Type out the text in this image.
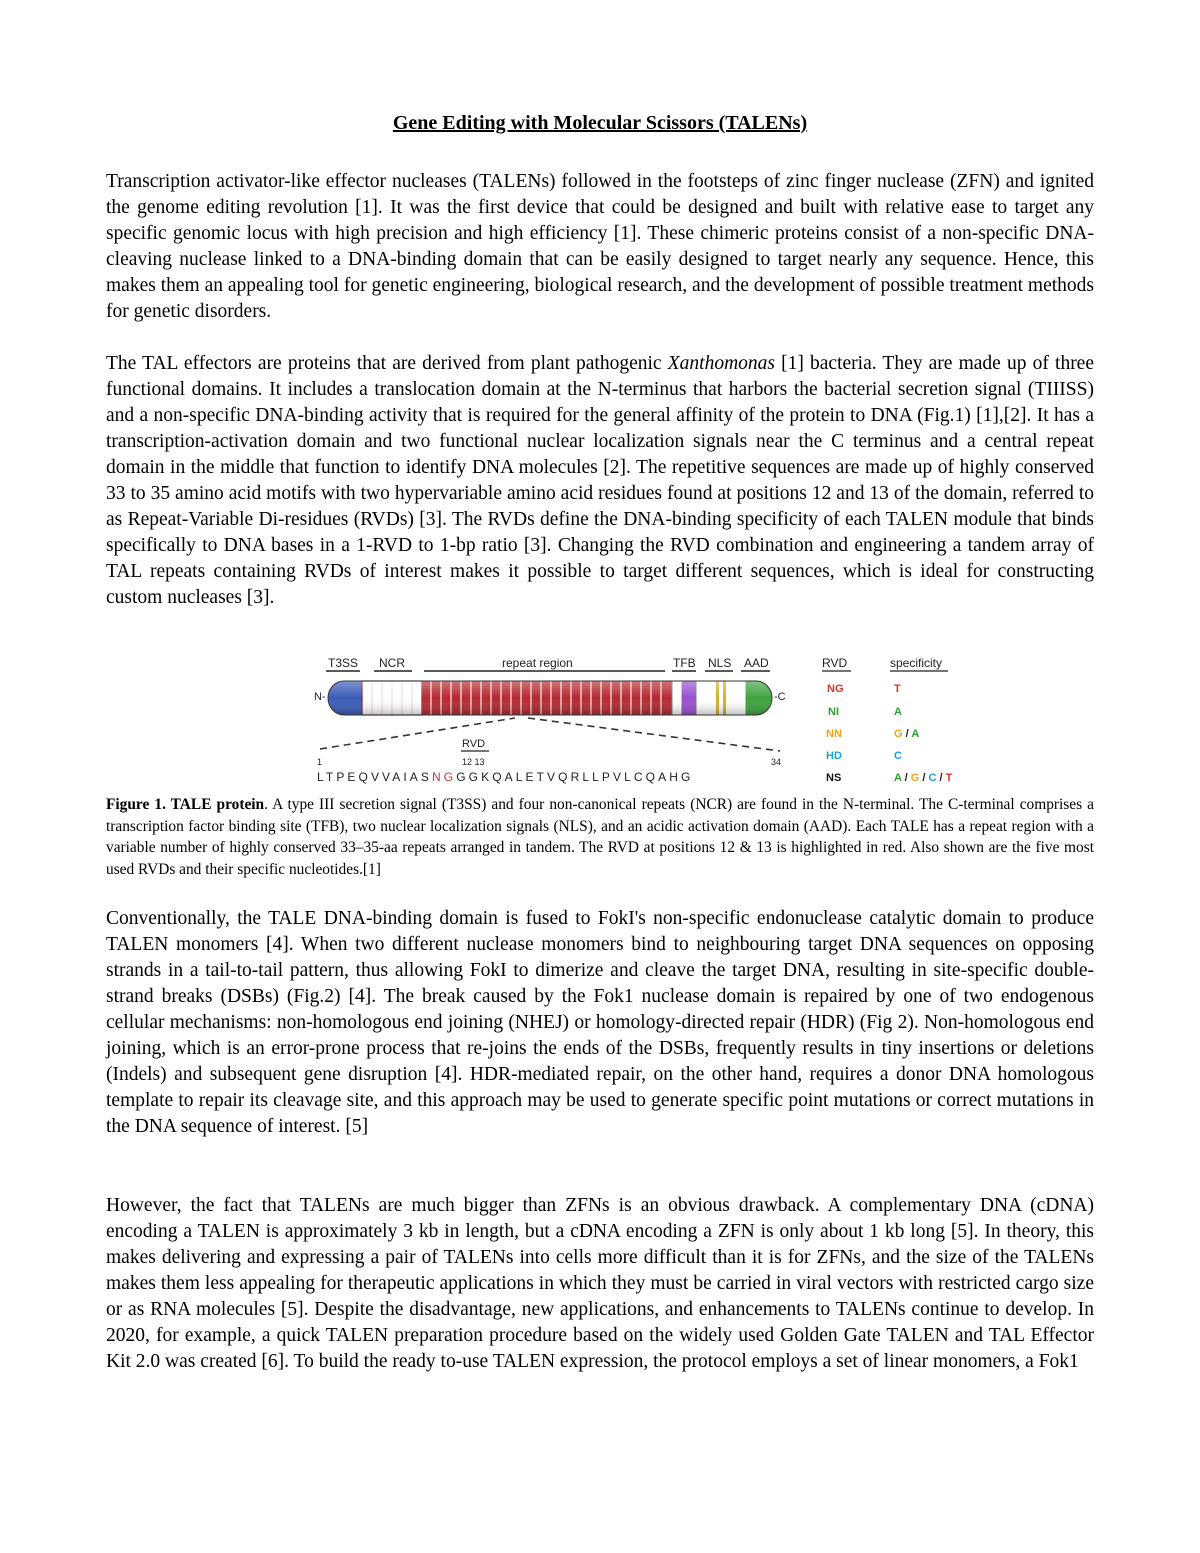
Gene Editing with Molecular Scissors (TALENs)

Transcription activator-like effector nucleases (TALENs) followed in the footsteps of zinc finger nuclease (ZFN) and ignited the genome editing revolution [1]. It was the first device that could be designed and built with relative ease to target any specific genomic locus with high precision and high efficiency [1]. These chimeric proteins consist of a non-specific DNA-cleaving nuclease linked to a DNA-binding domain that can be easily designed to target nearly any sequence. Hence, this makes them an appealing tool for genetic engineering, biological research, and the development of possible treatment methods for genetic disorders.

The TAL effectors are proteins that are derived from plant pathogenic Xanthomonas [1] bacteria. They are made up of three functional domains. It includes a translocation domain at the N-terminus that harbors the bacterial secretion signal (TIIISS) and a non-specific DNA-binding activity that is required for the general affinity of the protein to DNA (Fig.1) [1],[2]. It has a transcription-activation domain and two functional nuclear localization signals near the C terminus and a central repeat domain in the middle that function to identify DNA molecules [2]. The repetitive sequences are made up of highly conserved 33 to 35 amino acid motifs with two hypervariable amino acid residues found at positions 12 and 13 of the domain, referred to as Repeat-Variable Di-residues (RVDs) [3]. The RVDs define the DNA-binding specificity of each TALEN module that binds specifically to DNA bases in a 1-RVD to 1-bp ratio [3]. Changing the RVD combination and engineering a tandem array of TAL repeats containing RVDs of interest makes it possible to target different sequences, which is ideal for constructing custom nucleases [3].

T3SS NCR	repeat region	TFB NLS AAD
N-	-C
RVD
1	12 13	34
LTPEQVVAIASNGGGKQALETVQRLLPVLCQAHG
RVD	specificity
NG	T
NI	A
NN	G / A
HD	C
NS	A / G / C / T

Figure 1. TALE protein. A type III secretion signal (T3SS) and four non-canonical repeats (NCR) are found in the N-terminal. The C-terminal comprises a transcription factor binding site (TFB), two nuclear localization signals (NLS), and an acidic activation domain (AAD). Each TALE has a repeat region with a variable number of highly conserved 33–35-aa repeats arranged in tandem. The RVD at positions 12 & 13 is highlighted in red. Also shown are the five most used RVDs and their specific nucleotides.[1]

Conventionally, the TALE DNA-binding domain is fused to FokI's non-specific endonuclease catalytic domain to produce TALEN monomers [4]. When two different nuclease monomers bind to neighbouring target DNA sequences on opposing strands in a tail-to-tail pattern, thus allowing FokI to dimerize and cleave the target DNA, resulting in site-specific double-strand breaks (DSBs) (Fig.2) [4]. The break caused by the Fok1 nuclease domain is repaired by one of two endogenous cellular mechanisms: non-homologous end joining (NHEJ) or homology-directed repair (HDR) (Fig 2). Non-homologous end joining, which is an error-prone process that re-joins the ends of the DSBs, frequently results in tiny insertions or deletions (Indels) and subsequent gene disruption [4]. HDR-mediated repair, on the other hand, requires a donor DNA homologous template to repair its cleavage site, and this approach may be used to generate specific point mutations or correct mutations in the DNA sequence of interest. [5]

However, the fact that TALENs are much bigger than ZFNs is an obvious drawback. A complementary DNA (cDNA) encoding a TALEN is approximately 3 kb in length, but a cDNA encoding a ZFN is only about 1 kb long [5]. In theory, this makes delivering and expressing a pair of TALENs into cells more difficult than it is for ZFNs, and the size of the TALENs makes them less appealing for therapeutic applications in which they must be carried in viral vectors with restricted cargo size or as RNA molecules [5]. Despite the disadvantage, new applications, and enhancements to TALENs continue to develop. In 2020, for example, a quick TALEN preparation procedure based on the widely used Golden Gate TALEN and TAL Effector Kit 2.0 was created [6]. To build the ready to-use TALEN expression, the protocol employs a set of linear monomers, a Fok1
